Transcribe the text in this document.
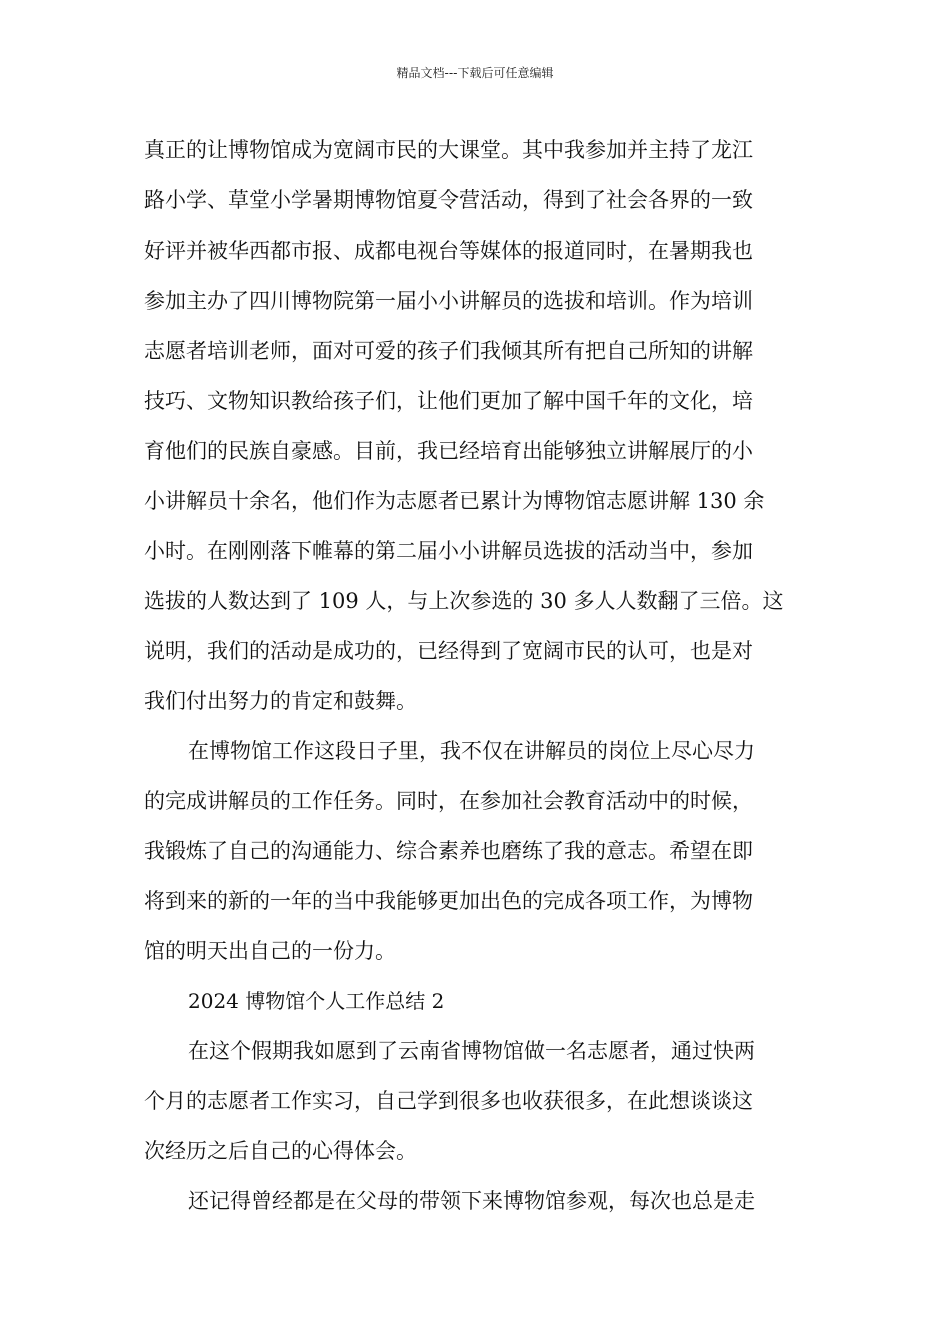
精品文档---下载后可任意编辑
真正的让博物馆成为宽阔市民的大课堂。其中我参加并主持了龙江
路小学、草堂小学暑期博物馆夏令营活动，得到了社会各界的一致
好评并被华西都市报、成都电视台等媒体的报道同时，在暑期我也
参加主办了四川博物院第一届小小讲解员的选拔和培训。作为培训
志愿者培训老师，面对可爱的孩子们我倾其所有把自己所知的讲解
技巧、文物知识教给孩子们，让他们更加了解中国千年的文化，培
育他们的民族自豪感。目前，我已经培育出能够独立讲解展厅的小
小讲解员十余名，他们作为志愿者已累计为博物馆志愿讲解 130 余
小时。在刚刚落下帷幕的第二届小小讲解员选拔的活动当中，参加
选拔的人数达到了 109 人，与上次参选的 30 多人人数翻了三倍。这
说明，我们的活动是成功的，已经得到了宽阔市民的认可，也是对
我们付出努力的肯定和鼓舞。
在博物馆工作这段日子里，我不仅在讲解员的岗位上尽心尽力
的完成讲解员的工作任务。同时，在参加社会教育活动中的时候，
我锻炼了自己的沟通能力、综合素养也磨练了我的意志。希望在即
将到来的新的一年的当中我能够更加出色的完成各项工作，为博物
馆的明天出自己的一份力。
2024 博物馆个人工作总结 2
在这个假期我如愿到了云南省博物馆做一名志愿者，通过快两
个月的志愿者工作实习，自己学到很多也收获很多，在此想谈谈这
次经历之后自己的心得体会。
还记得曾经都是在父母的带领下来博物馆参观，每次也总是走
